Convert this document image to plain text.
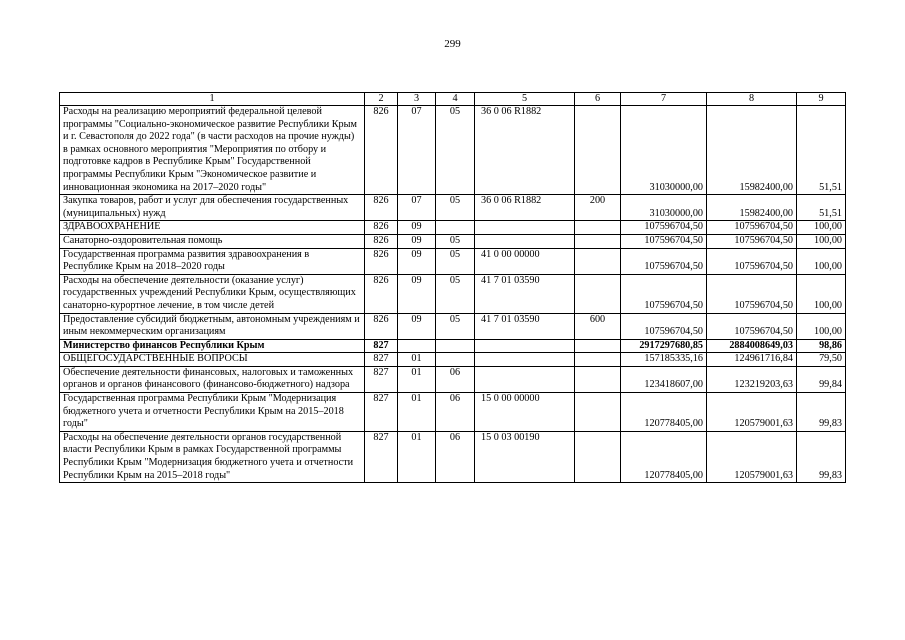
299
1	2	3	4	5	6	7	8	9
Расходы на реализацию мероприятий федеральной целевой программы "Социально-экономическое развитие Республики Крым и г. Севастополя до 2022 года" (в части расходов на прочие нужды) в рамках основного мероприятия "Мероприятия по отбору и подготовке кадров в Республике Крым" Государственной программы Республики Крым "Экономическое развитие и инновационная экономика на 2017–2020 годы"	826	07	05	36 0 06 R1882		31030000,00	15982400,00	51,51
Закупка товаров, работ и услуг для обеспечения государственных (муниципальных) нужд	826	07	05	36 0 06 R1882	200	31030000,00	15982400,00	51,51
ЗДРАВООХРАНЕНИЕ	826	09				107596704,50	107596704,50	100,00
Санаторно-оздоровительная помощь	826	09	05			107596704,50	107596704,50	100,00
Государственная программа развития здравоохранения в Республике Крым на 2018–2020 годы	826	09	05	41 0 00 00000		107596704,50	107596704,50	100,00
Расходы на обеспечение деятельности (оказание услуг) государственных учреждений Республики Крым, осуществляющих санаторно-курортное лечение, в том числе детей	826	09	05	41 7 01 03590		107596704,50	107596704,50	100,00
Предоставление субсидий бюджетным, автономным учреждениям и иным некоммерческим организациям	826	09	05	41 7 01 03590	600	107596704,50	107596704,50	100,00
Министерство финансов Республики Крым	827					2917297680,85	2884008649,03	98,86
ОБЩЕГОСУДАРСТВЕННЫЕ ВОПРОСЫ	827	01				157185335,16	124961716,84	79,50
Обеспечение деятельности финансовых, налоговых и таможенных органов и органов финансового (финансово-бюджетного) надзора	827	01	06			123418607,00	123219203,63	99,84
Государственная программа Республики Крым "Модернизация бюджетного учета и отчетности Республики Крым на 2015–2018 годы"	827	01	06	15 0 00 00000		120778405,00	120579001,63	99,83
Расходы на обеспечение деятельности органов государственной власти Республики Крым в рамках Государственной программы Республики Крым "Модернизация бюджетного учета и отчетности Республики Крым на 2015–2018 годы"	827	01	06	15 0 03 00190		120778405,00	120579001,63	99,83
